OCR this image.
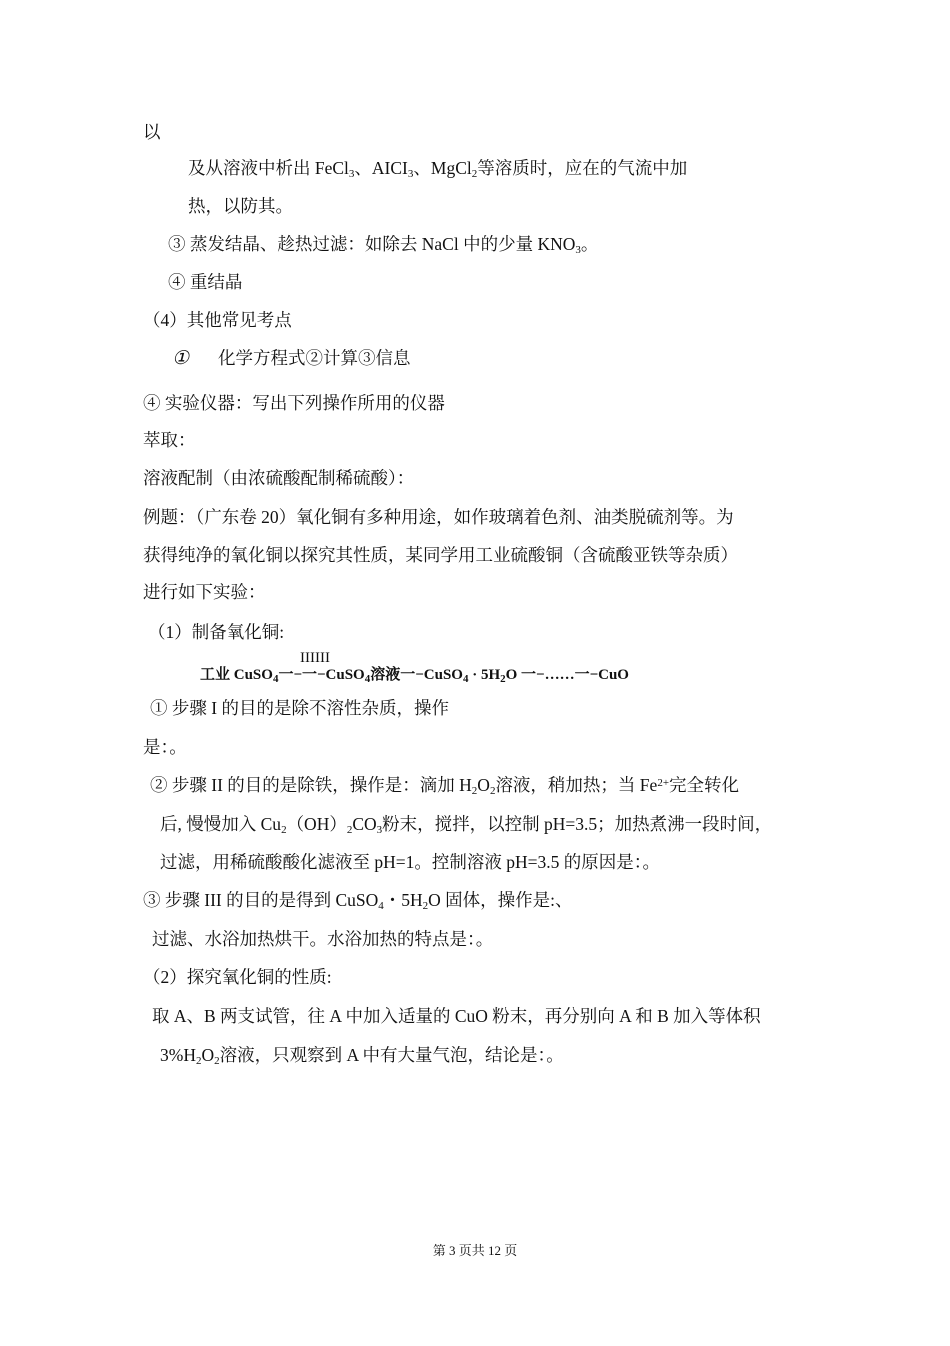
以
及从溶液中析出 FeCl$_3$、$AICI_3$、MgCl$_2$等溶质时，应在的气流中加
热，以防其。
③ 蒸发结晶、趁热过滤：如除去 NaCl 中的少量 $KNO_3$。
④ 重结晶
（4）其他常见考点
① 化学方程式②计算③信息
④ 实验仪器：写出下列操作所用的仪器
萃取：
溶液配制（由浓硫酸配制稀硫酸）：
例题：（广东卷 20）氧化铜有多种用途，如作玻璃着色剂、油类脱硫剂等。为
获得纯净的氧化铜以探究其性质，某同学用工业硫酸铜（含硫酸亚铁等杂质）
进行如下实验：
（1）制备氧化铜:
IIIIII
工业 CuSO$_4$一−一−CuSO$_4$溶液一−CuSO$_4$ · $5H_2O$ 一−……一−CuO
① 步骤 I 的目的是除不溶性杂质，操作
是：。
② 步骤 II 的目的是除铁，操作是：滴加 $H_2O_2$溶液，稍加热；当 $Fe^{2+}$完全转化
后, 慢慢加入 $Cu_2(OH)_2CO_3$粉末，搅拌，以控制 pH=3.5；加热煮沸一段时间，
过滤，用稀硫酸酸化滤液至 pH=1。控制溶液 pH=3.5 的原因是：。
③ 步骤 III 的目的是得到 CuSO$_4$・$5H_2O$ 固体，操作是:、
过滤、水浴加热烘干。水浴加热的特点是：。
（2）探究氧化铜的性质:
取 A、B 两支试管，往 A 中加入适量的 CuO 粉末，再分别向 A 和 B 加入等体积
$3\%H_2O_2$溶液，只观察到 A 中有大量气泡，结论是：。
第 3 页共 12 页
